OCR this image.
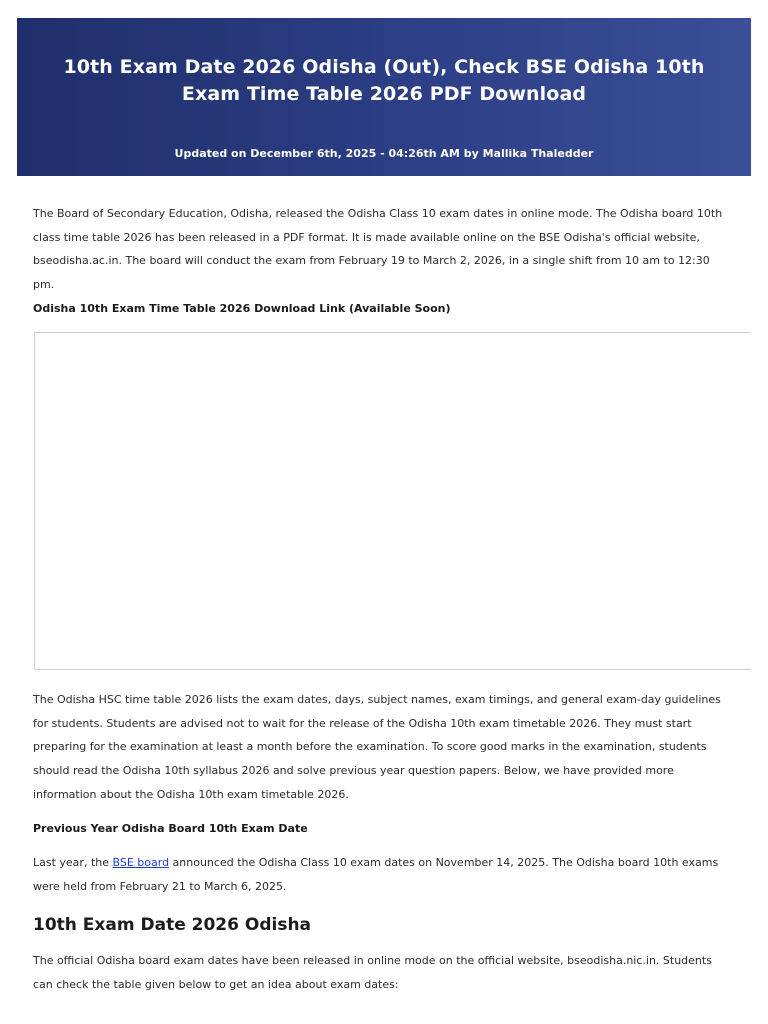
10th Exam Date 2026 Odisha (Out), Check BSE Odisha 10th Exam Time Table 2026 PDF Download
Updated on December 6th, 2025 - 04:26th AM by Mallika Thaledder

The Board of Secondary Education, Odisha, released the Odisha Class 10 exam dates in online mode. The Odisha board 10th class time table 2026 has been released in a PDF format. It is made available online on the BSE Odisha's official website, bseodisha.ac.in. The board will conduct the exam from February 19 to March 2, 2026, in a single shift from 10 am to 12:30 pm.

Odisha 10th Exam Time Table 2026 Download Link (Available Soon)

The Odisha HSC time table 2026 lists the exam dates, days, subject names, exam timings, and general exam-day guidelines for students. Students are advised not to wait for the release of the Odisha 10th exam timetable 2026. They must start preparing for the examination at least a month before the examination. To score good marks in the examination, students should read the Odisha 10th syllabus 2026 and solve previous year question papers. Below, we have provided more information about the Odisha 10th exam timetable 2026.

Previous Year Odisha Board 10th Exam Date

Last year, the BSE board announced the Odisha Class 10 exam dates on November 14, 2025. The Odisha board 10th exams were held from February 21 to March 6, 2025.

10th Exam Date 2026 Odisha

The official Odisha board exam dates have been released in online mode on the official website, bseodisha.nic.in. Students can check the table given below to get an idea about exam dates:
